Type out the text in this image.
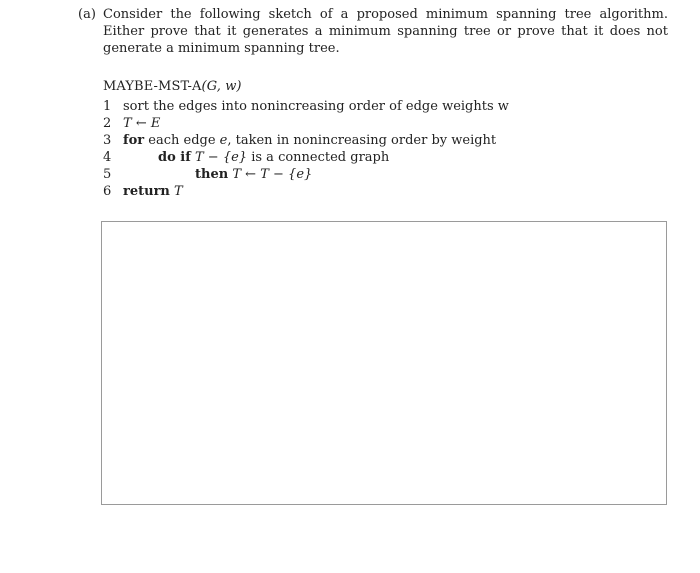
(a) Consider the following sketch of a proposed minimum spanning tree algorithm. Either prove that it generates a minimum spanning tree or prove that it does not generate a minimum spanning tree.
MAYBE-MST-A(G, w)
1 sort the edges into nonincreasing order of edge weights w
2 T ← E
3 for each edge e, taken in nonincreasing order by weight
4	do if T − {e} is a connected graph
5	then T ← T − {e}
6 return T
